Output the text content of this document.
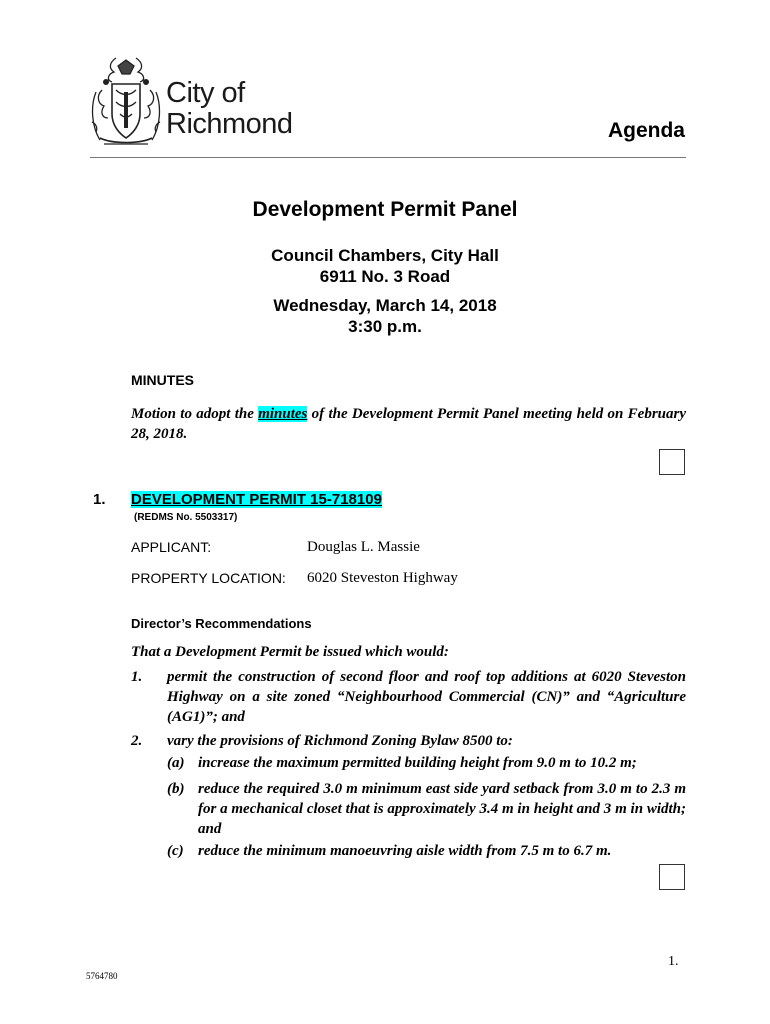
City of
Richmond	Agenda
Development Permit Panel
Council Chambers, City Hall
6911 No. 3 Road
Wednesday, March 14, 2018
3:30 p.m.
MINUTES
Motion to adopt the minutes of the Development Permit Panel meeting held on February 28, 2018.
1. DEVELOPMENT PERMIT 15-718109
(REDMS No. 5503317)
APPLICANT:	Douglas L. Massie
PROPERTY LOCATION: 6020 Steveston Highway
Director’s Recommendations
That a Development Permit be issued which would:
1. permit the construction of second floor and roof top additions at 6020 Steveston Highway on a site zoned “Neighbourhood Commercial (CN)” and “Agriculture (AG1)”; and
2. vary the provisions of Richmond Zoning Bylaw 8500 to:
(a) increase the maximum permitted building height from 9.0 m to 10.2 m;
(b) reduce the required 3.0 m minimum east side yard setback from 3.0 m to 2.3 m for a mechanical closet that is approximately 3.4 m in height and 3 m in width; and
(c) reduce the minimum manoeuvring aisle width from 7.5 m to 6.7 m.
1.
5764780
